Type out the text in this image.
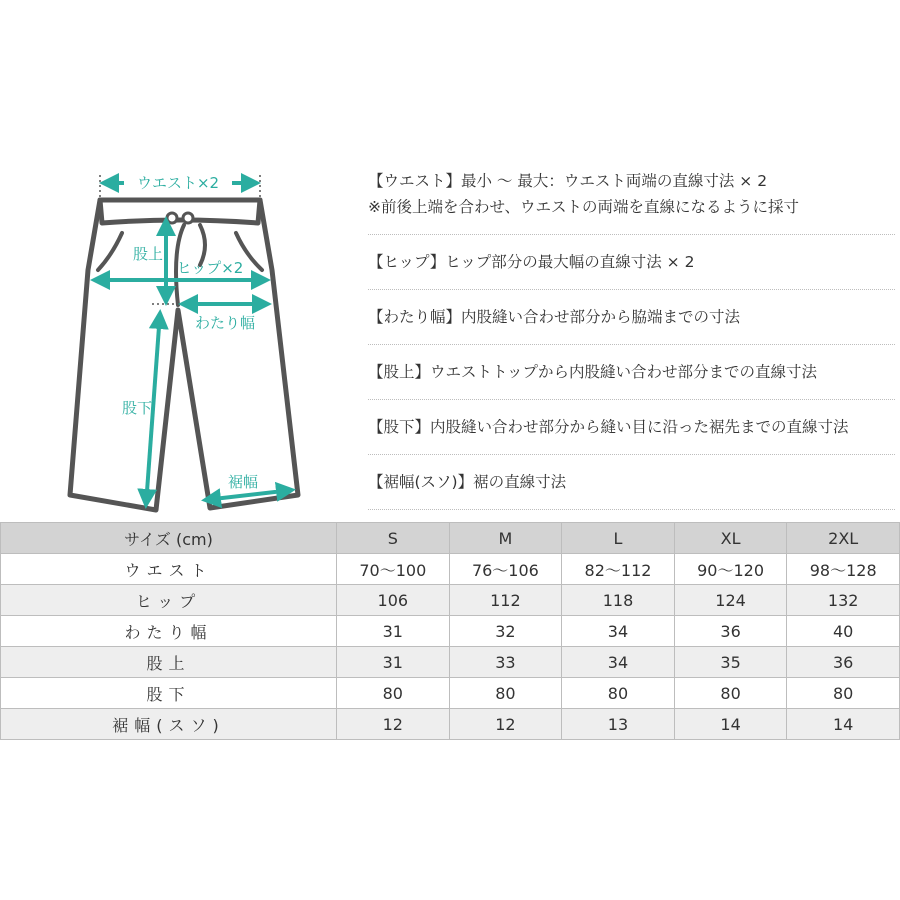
ウエスト×2
股上
ヒップ×2
わたり幅
股下
裾幅
【ウエスト】最小 〜 最大：ウエスト両端の直線寸法 × 2
※前後上端を合わせ、ウエストの両端を直線になるように採寸
【ヒップ】ヒップ部分の最大幅の直線寸法 × 2
【わたり幅】内股縫い合わせ部分から脇端までの寸法
【股上】ウエストトップから内股縫い合わせ部分までの直線寸法
【股下】内股縫い合わせ部分から縫い目に沿った裾先までの直線寸法
【裾幅(スソ)】裾の直線寸法
サイズ (cm)	S	M	L	XL	2XL
ウエスト	70〜100	76〜106	82〜112	90〜120	98〜128
ヒップ	106	112	118	124	132
わたり幅	31	32	34	36	40
股上	31	33	34	35	36
股下	80	80	80	80	80
裾幅(スソ)	12	12	13	14	14
